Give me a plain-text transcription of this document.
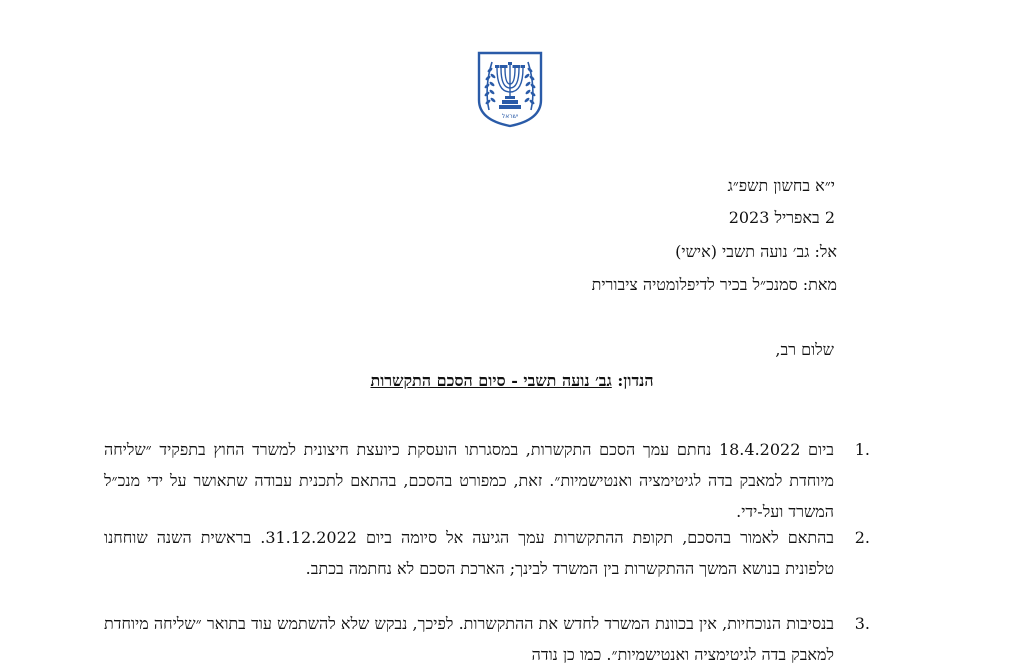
ישראל
י״א בחשון תשפ״ג
2 באפריל 2023
אל: גב׳ נועה תשבי (אישי)
מאת: סמנכ״ל בכיר לדיפלומטיה ציבורית
שלום רב,
הנדון: גב׳ נועה תשבי - סיום הסכם התקשרות
1.

ביום 18.4.2022 נחתם עמך הסכם התקשרות, במסגרתו הועסקת כיועצת חיצונית למשרד החוץ בתפקיד ״שליחה מיוחדת למאבק בדה לגיטימציה ואנטישמיות״. זאת, כמפורט בהסכם, בהתאם לתכנית עבודה שתאושר על ידי מנכ״ל המשרד ועל-ידי.

2.

בהתאם לאמור בהסכם, תקופת ההתקשרות עמך הגיעה אל סיומה ביום 31.12.2022. בראשית השנה שוחחנו טלפונית בנושא המשך ההתקשרות בין המשרד לבינך; הארכת הסכם לא נחתמה בכתב.

3.

בנסיבות הנוכחיות, אין בכוונת המשרד לחדש את ההתקשרות. לפיכך, נבקש שלא להשתמש עוד בתואר ״שליחה מיוחדת למאבק בדה לגיטימציה ואנטישמיות״. כמו כן נודה
